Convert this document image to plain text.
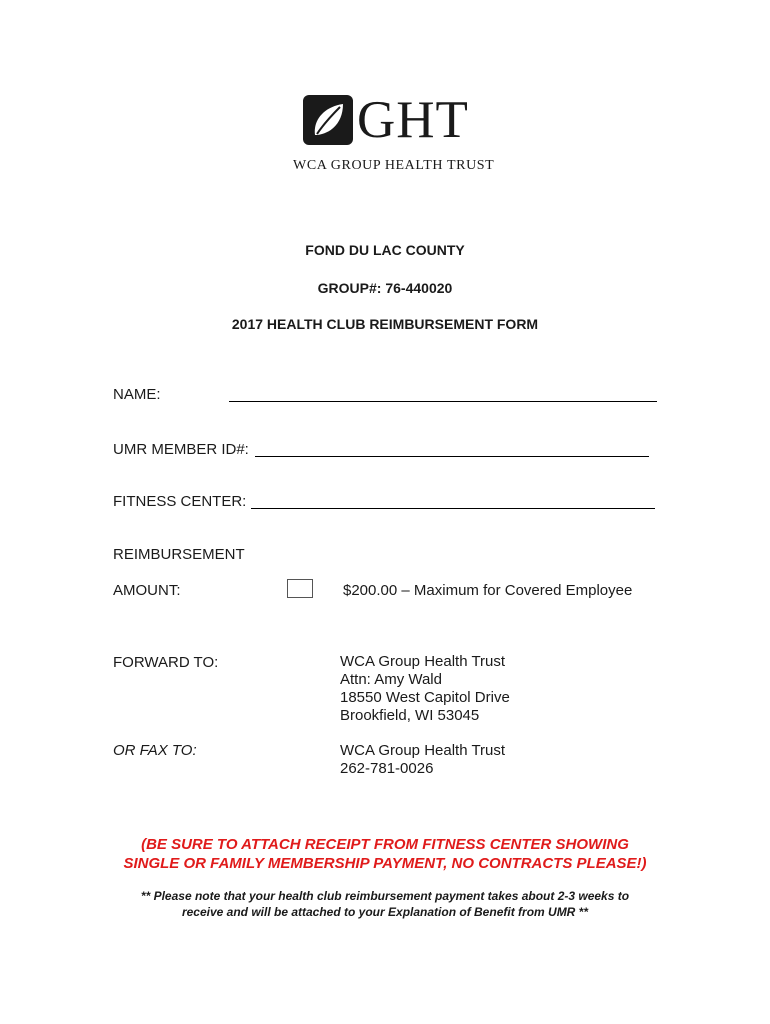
GHT
WCA GROUP HEALTH TRUST
FOND DU LAC COUNTY
GROUP#: 76-440020
2017 HEALTH CLUB REIMBURSEMENT FORM
NAME:
UMR MEMBER ID#:
FITNESS CENTER:
REIMBURSEMENT
AMOUNT:	$200.00 – Maximum for Covered Employee
FORWARD TO:	WCA Group Health Trust
Attn: Amy Wald
18550 West Capitol Drive
Brookfield, WI 53045
OR FAX TO:	WCA Group Health Trust
262-781-0026
(BE SURE TO ATTACH RECEIPT FROM FITNESS CENTER SHOWING
SINGLE OR FAMILY MEMBERSHIP PAYMENT, NO CONTRACTS PLEASE!)
** Please note that your health club reimbursement payment takes about 2-3 weeks to
receive and will be attached to your Explanation of Benefit from UMR **
